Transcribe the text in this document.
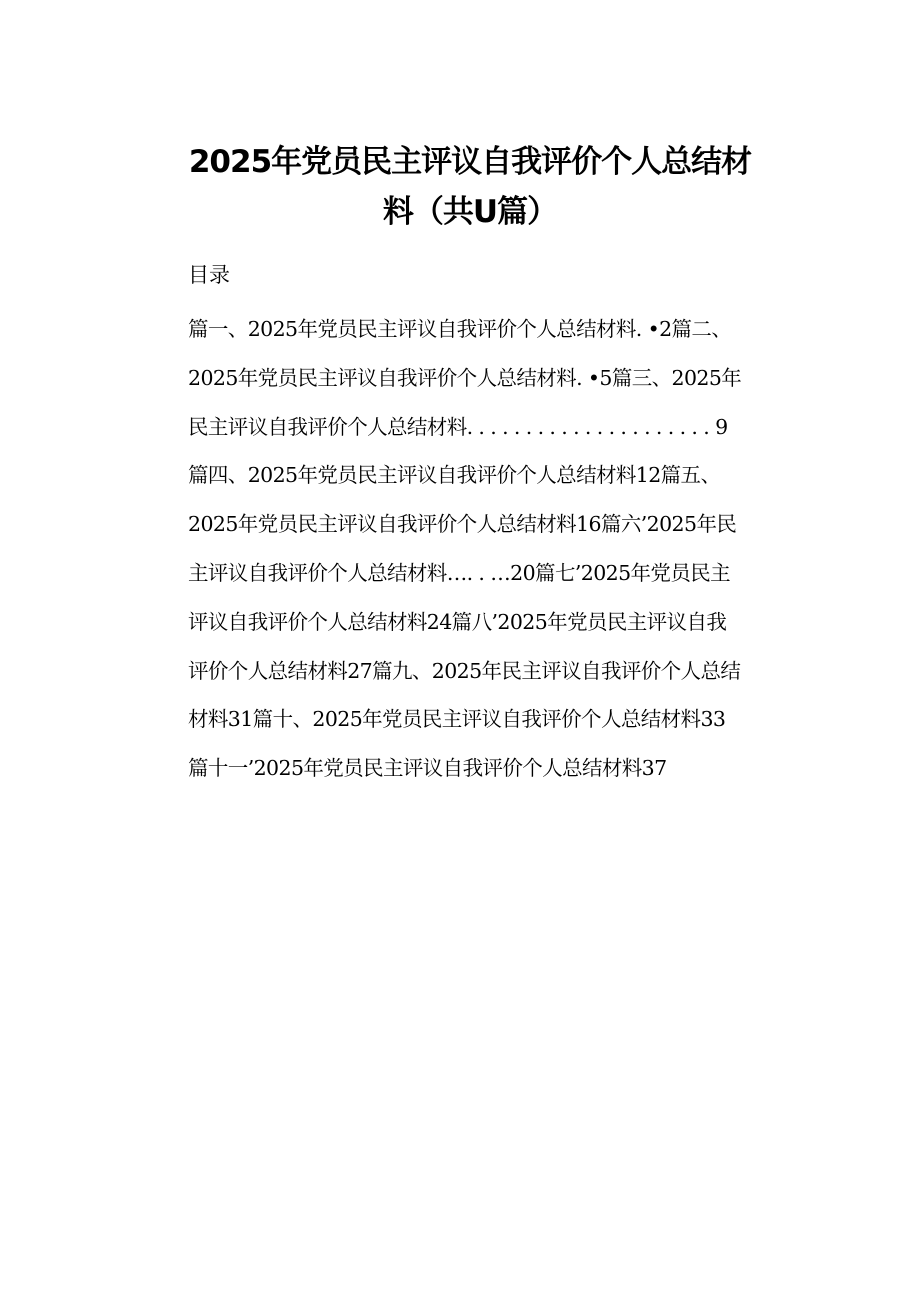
2025年党员民主评议自我评价个人总结材
料（共U篇）
目录
篇一、2025年党员民主评议自我评价个人总结材料. •2篇二、
2025年党员民主评议自我评价个人总结材料. •5篇三、2025年
民主评议自我评价个人总结材料. . . . . . . . . . . . . . . . . . . . . 9
篇四、2025年党员民主评议自我评价个人总结材料12篇五、
2025年党员民主评议自我评价个人总结材料16篇六’2025年民
主评议自我评价个人总结材料…. . …20篇七’2025年党员民主
评议自我评价个人总结材料24篇八’2025年党员民主评议自我
评价个人总结材料27篇九、2025年民主评议自我评价个人总结
材料31篇十、2025年党员民主评议自我评价个人总结材料33
篇十一’2025年党员民主评议自我评价个人总结材料37
